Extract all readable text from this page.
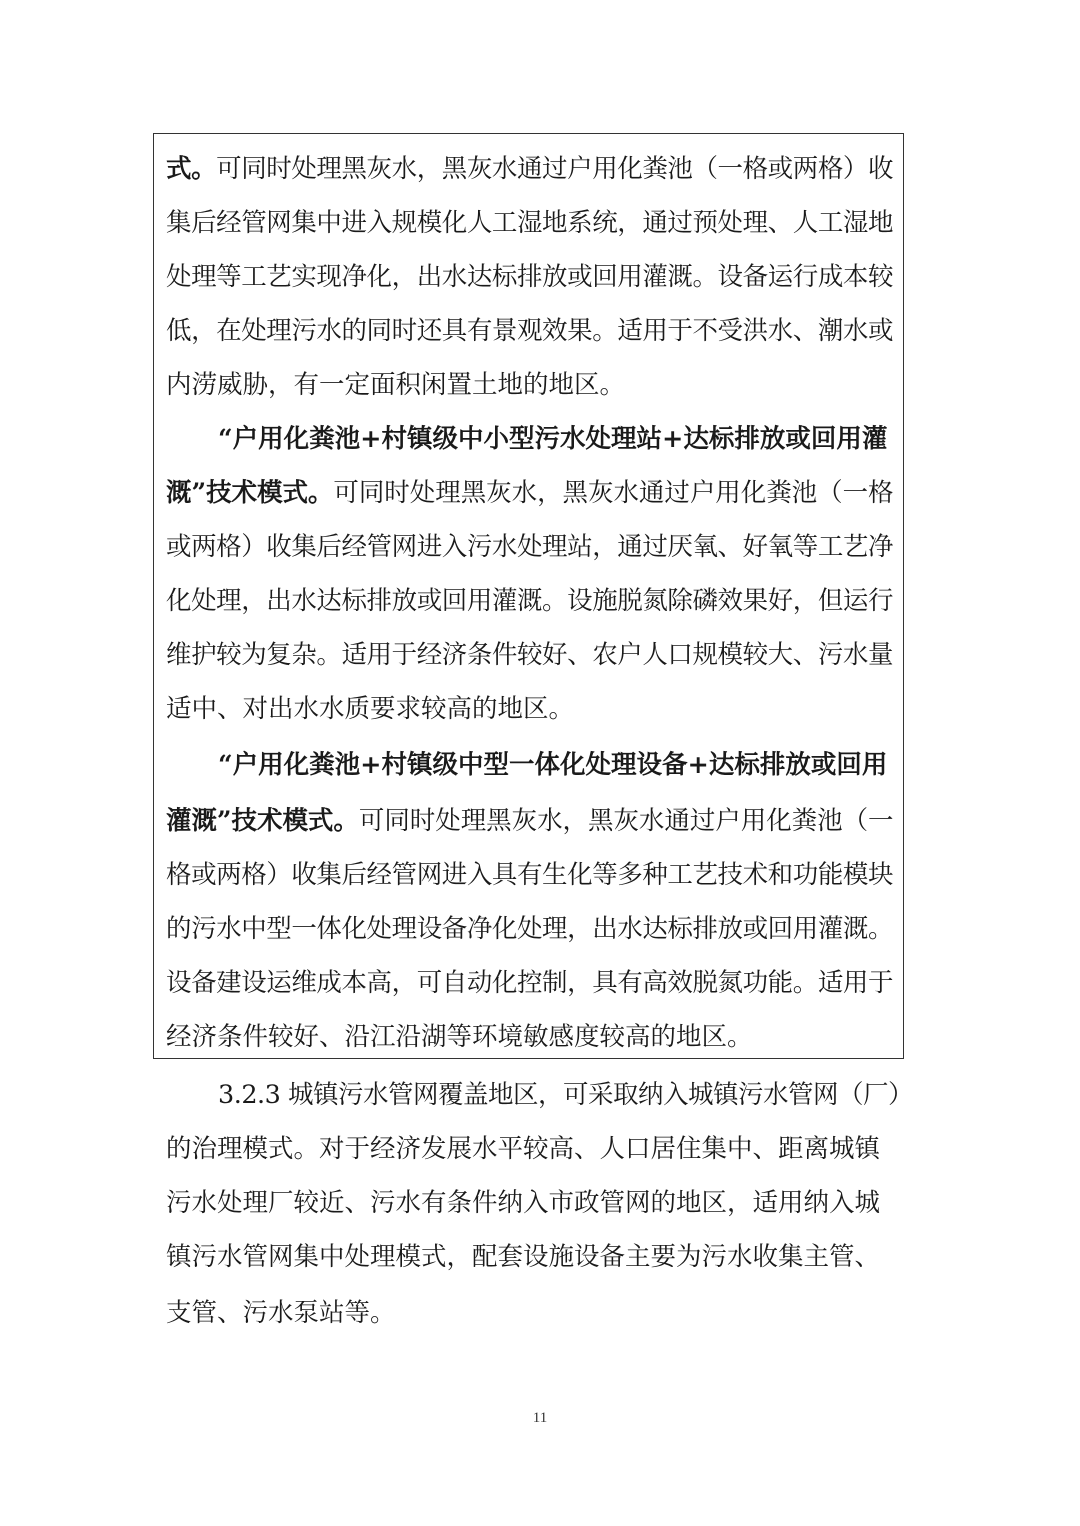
式。可同时处理黑灰水，黑灰水通过户用化粪池（一格或两格）收
集后经管网集中进入规模化人工湿地系统，通过预处理、人工湿地
处理等工艺实现净化，出水达标排放或回用灌溉。设备运行成本较
低，在处理污水的同时还具有景观效果。适用于不受洪水、潮水或
内涝威胁，有一定面积闲置土地的地区。
“户用化粪池+村镇级中小型污水处理站+达标排放或回用灌
溉”技术模式。可同时处理黑灰水，黑灰水通过户用化粪池（一格
或两格）收集后经管网进入污水处理站，通过厌氧、好氧等工艺净
化处理，出水达标排放或回用灌溉。设施脱氮除磷效果好，但运行
维护较为复杂。适用于经济条件较好、农户人口规模较大、污水量
适中、对出水水质要求较高的地区。
“户用化粪池+村镇级中型一体化处理设备+达标排放或回用
灌溉”技术模式。可同时处理黑灰水，黑灰水通过户用化粪池（一
格或两格）收集后经管网进入具有生化等多种工艺技术和功能模块
的污水中型一体化处理设备净化处理，出水达标排放或回用灌溉。
设备建设运维成本高，可自动化控制，具有高效脱氮功能。适用于
经济条件较好、沿江沿湖等环境敏感度较高的地区。
3.2.3 城镇污水管网覆盖地区，可采取纳入城镇污水管网（厂）
的治理模式。对于经济发展水平较高、人口居住集中、距离城镇
污水处理厂较近、污水有条件纳入市政管网的地区，适用纳入城
镇污水管网集中处理模式，配套设施设备主要为污水收集主管、
支管、污水泵站等。
11
